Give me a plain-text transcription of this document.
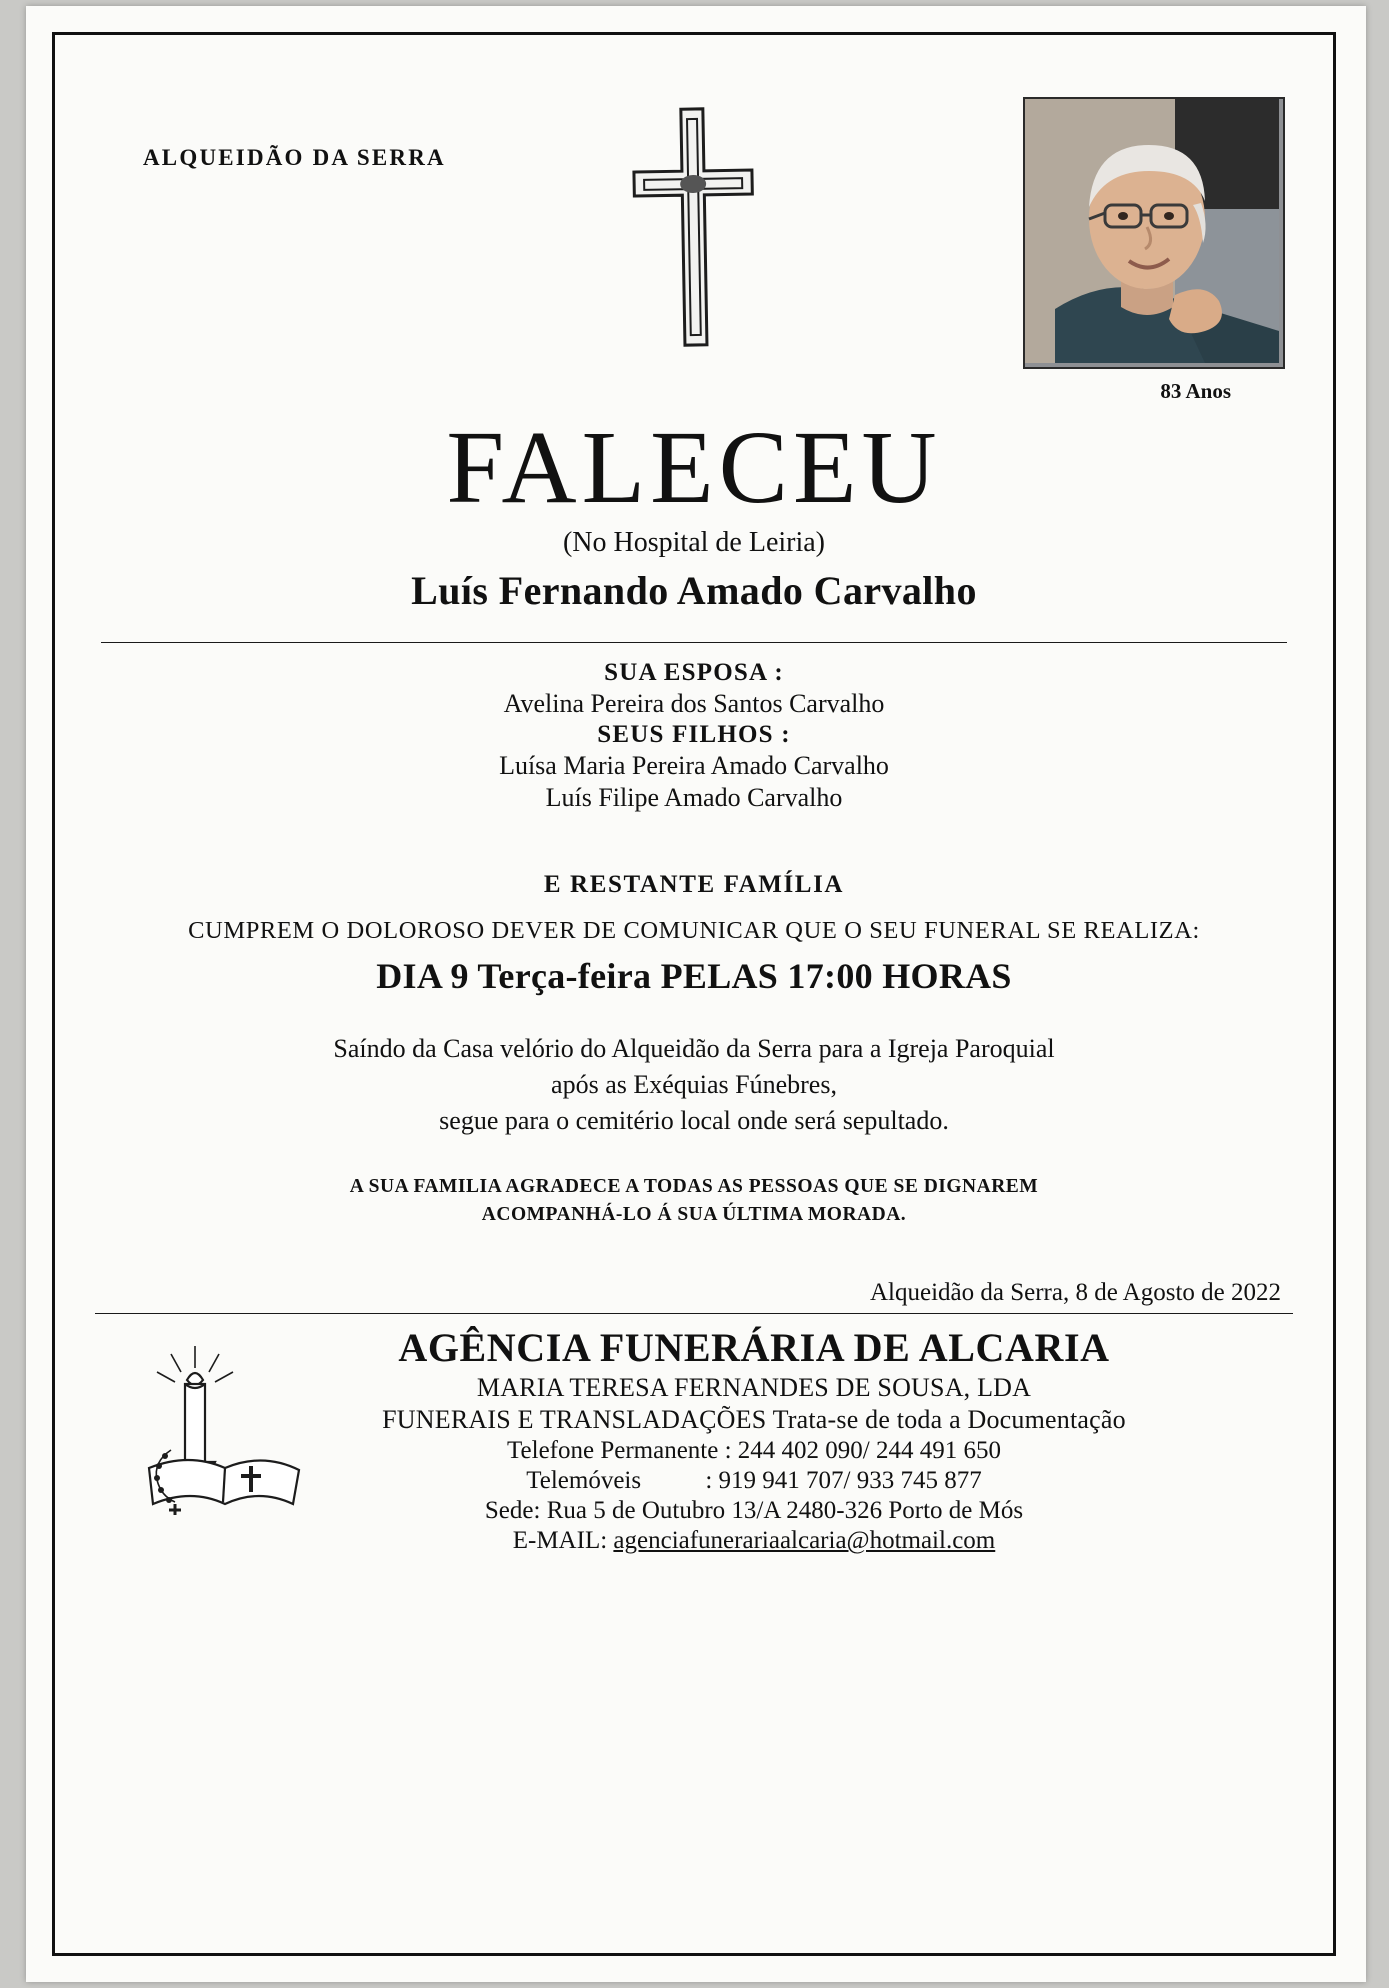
ALQUEIDÃO DA SERRA
83 Anos
FALECEU
(No Hospital de Leiria)
Luís Fernando Amado Carvalho
SUA ESPOSA :
Avelina Pereira dos Santos Carvalho
SEUS FILHOS :
Luísa Maria Pereira Amado Carvalho
Luís Filipe Amado Carvalho
E RESTANTE FAMÍLIA
CUMPREM O DOLOROSO DEVER DE COMUNICAR QUE O SEU FUNERAL SE REALIZA:
DIA 9 Terça-feira PELAS 17:00 HORAS
Saíndo da Casa velório do Alqueidão da Serra para a Igreja Paroquial
após as Exéquias Fúnebres,
segue para o cemitério local onde será sepultado.
A SUA FAMILIA AGRADECE A TODAS AS PESSOAS QUE SE DIGNAREM
ACOMPANHÁ-LO Á SUA ÚLTIMA MORADA.
Alqueidão da Serra, 8 de Agosto de 2022
AGÊNCIA FUNERÁRIA DE ALCARIA
MARIA TERESA FERNANDES DE SOUSA, LDA
FUNERAIS E TRANSLADAÇÕES Trata-se de toda a Documentação
Telefone Permanente : 244 402 090/ 244 491 650
Telemóveis	: 919 941 707/ 933 745 877
Sede: Rua 5 de Outubro 13/A 2480-326 Porto de Mós
E-MAIL: agenciafunerariaalcaria@hotmail.com
